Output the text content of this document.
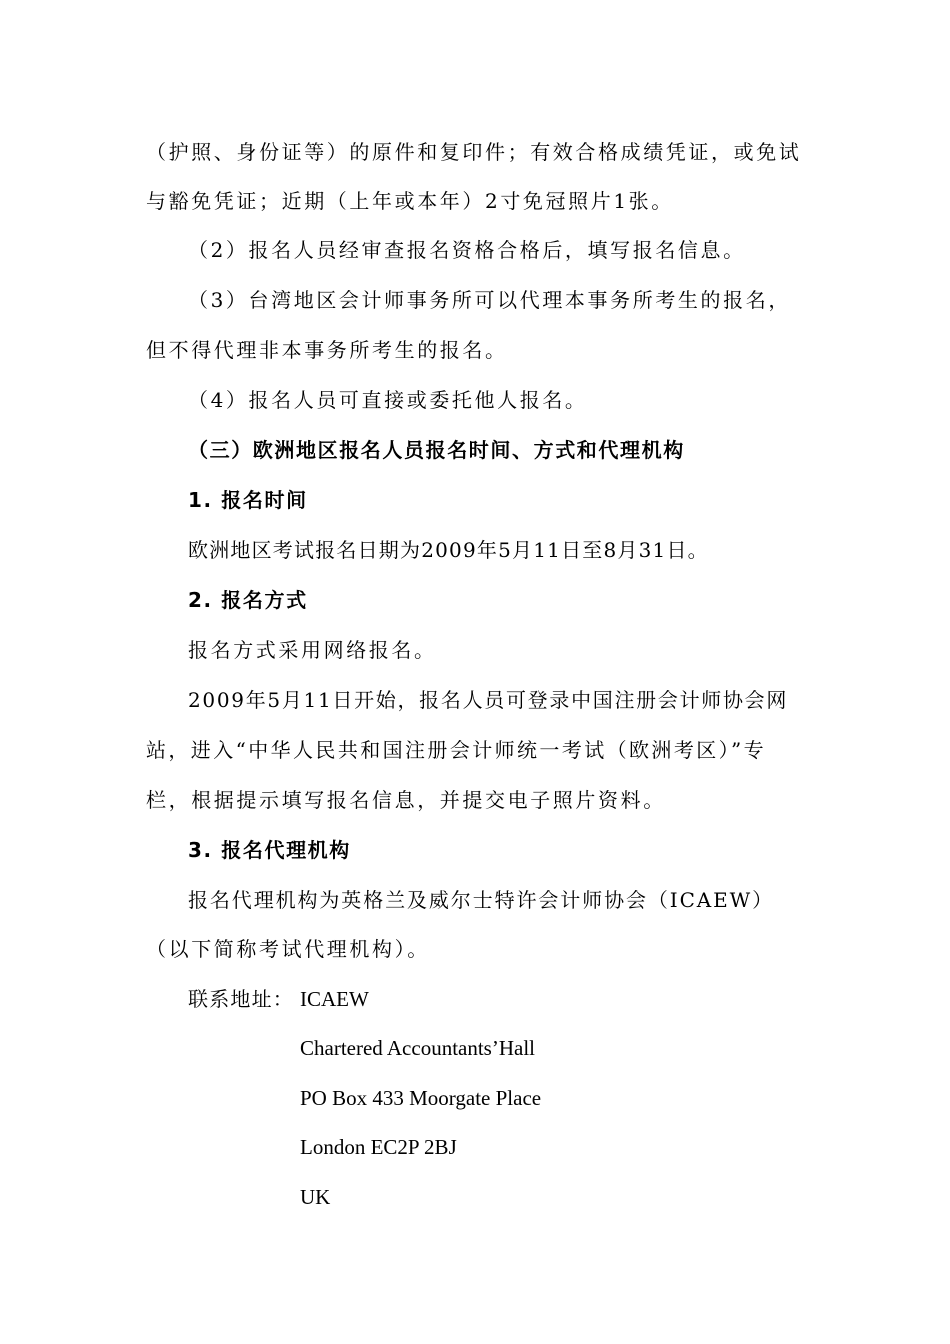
（护照、身份证等）的原件和复印件；有效合格成绩凭证，或免试
与豁免凭证；近期（上年或本年）2寸免冠照片1张。
（2）报名人员经审查报名资格合格后，填写报名信息。
（3）台湾地区会计师事务所可以代理本事务所考生的报名，
但不得代理非本事务所考生的报名。
（4）报名人员可直接或委托他人报名。
（三）欧洲地区报名人员报名时间、方式和代理机构
1. 报名时间
欧洲地区考试报名日期为2009年5月11日至8月31日。
2. 报名方式
报名方式采用网络报名。
2009年5月11日开始，报名人员可登录中国注册会计师协会网
站，进入“中华人民共和国注册会计师统一考试（欧洲考区）”专
栏，根据提示填写报名信息，并提交电子照片资料。
3. 报名代理机构
报名代理机构为英格兰及威尔士特许会计师协会（ICAEW）
（以下简称考试代理机构）。
联系地址： ICAEW
Chartered Accountants’Hall
PO Box 433 Moorgate Place
London EC2P 2BJ
UK
